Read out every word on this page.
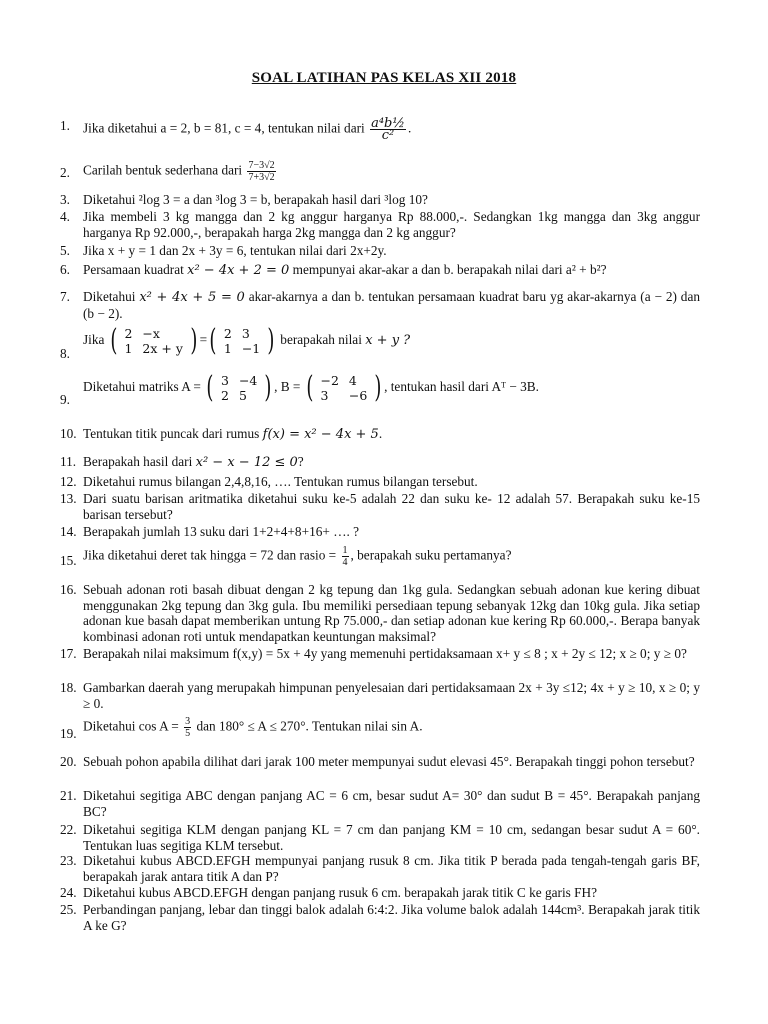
SOAL LATIHAN PAS KELAS XII 2018
1. Jika diketahui a = 2, b = 81, c = 4, tentukan nilai dari $\frac{\text{a⁴b½}}{\text{c²}}$ .
2. Carilah bentuk sederhana dari $\frac{7-3√2}{7+3√2}$
3. Diketahui ²log 3 = a dan ³log 3 = b, berapakah hasil dari ³log 10?
4. Jika membeli 3 kg mangga dan 2 kg anggur harganya Rp 88.000,-. Sedangkan 1kg mangga dan 3kg anggur harganya Rp 92.000,-, berapakah harga 2kg mangga dan 2 kg anggur?
5. Jika x + y = 1 dan 2x + 3y = 6, tentukan nilai dari 2x+2y.
6. Persamaan kuadrat x² − 4x + 2 = 0 mempunyai akar-akar a dan b. berapakah nilai dari a² + b²?
7. Diketahui x² + 4x + 5 = 0 akar-akarnya a dan b. tentukan persamaan kuadrat baru yg akar-akarnya (a − 2) dan (b − 2).
8.
Jika ( 2	−x
1	2x + y ) = ( 2	3
1	−1 ) berapakah nilai x + y ?
9.
Diketahui matriks A = ( 3	−4
2	5 ) , B = ( −2	4
3	−6 ) , tentukan hasil dari Aᵀ − 3B.
10. Tentukan titik puncak dari rumus f(x) = x² − 4x + 5.
11. Berapakah hasil dari x² − x − 12 ≤ 0?
12. Diketahui rumus bilangan 2,4,8,16, …. Tentukan rumus bilangan tersebut.
13. Dari suatu barisan aritmatika diketahui suku ke-5 adalah 22 dan suku ke- 12 adalah 57. Berapakah suku ke-15 barisan tersebut?
14. Berapakah jumlah 13 suku dari 1+2+4+8+16+ …. ?
15. Jika diketahui deret tak hingga = 72 dan rasio = $\frac{1}{4}$ , berapakah suku pertamanya?
16. Sebuah adonan roti basah dibuat dengan 2 kg tepung dan 1kg gula. Sedangkan sebuah adonan kue kering dibuat menggunakan 2kg tepung dan 3kg gula. Ibu memiliki persediaan tepung sebanyak 12kg dan 10kg gula. Jika setiap adonan kue basah dapat memberikan untung Rp 75.000,- dan setiap adonan kue kering Rp 60.000,-. Berapa banyak kombinasi adonan roti untuk mendapatkan keuntungan maksimal?
17. Berapakah nilai maksimum f(x,y) = 5x + 4y yang memenuhi pertidaksamaan x+ y ≤ 8 ; x + 2y ≤ 12; x ≥ 0; y ≥ 0?
18. Gambarkan daerah yang merupakah himpunan penyelesaian dari pertidaksamaan 2x + 3y ≤12; 4x + y ≥ 10, x ≥ 0; y ≥ 0.
19. Diketahui $\cos A = \frac{3}{5}$ dan 180° ≤ A ≤ 270°. Tentukan nilai sin A.
20. Sebuah pohon apabila dilihat dari jarak 100 meter mempunyai sudut elevasi 45°. Berapakah tinggi pohon tersebut?
21. Diketahui segitiga ABC dengan panjang AC = 6 cm, besar sudut A= 30° dan sudut B = 45°. Berapakah panjang BC?
22. Diketahui segitiga KLM dengan panjang KL = 7 cm dan panjang KM = 10 cm, sedangan besar sudut A = 60°. Tentukan luas segitiga KLM tersebut.
23. Diketahui kubus ABCD.EFGH mempunyai panjang rusuk 8 cm. Jika titik P berada pada tengah-tengah garis BF, berapakah jarak antara titik A dan P?
24. Diketahui kubus ABCD.EFGH dengan panjang rusuk 6 cm. berapakah jarak titik C ke garis FH?
25. Perbandingan panjang, lebar dan tinggi balok adalah 6:4:2. Jika volume balok adalah 144cm³. Berapakah jarak titik A ke G?
